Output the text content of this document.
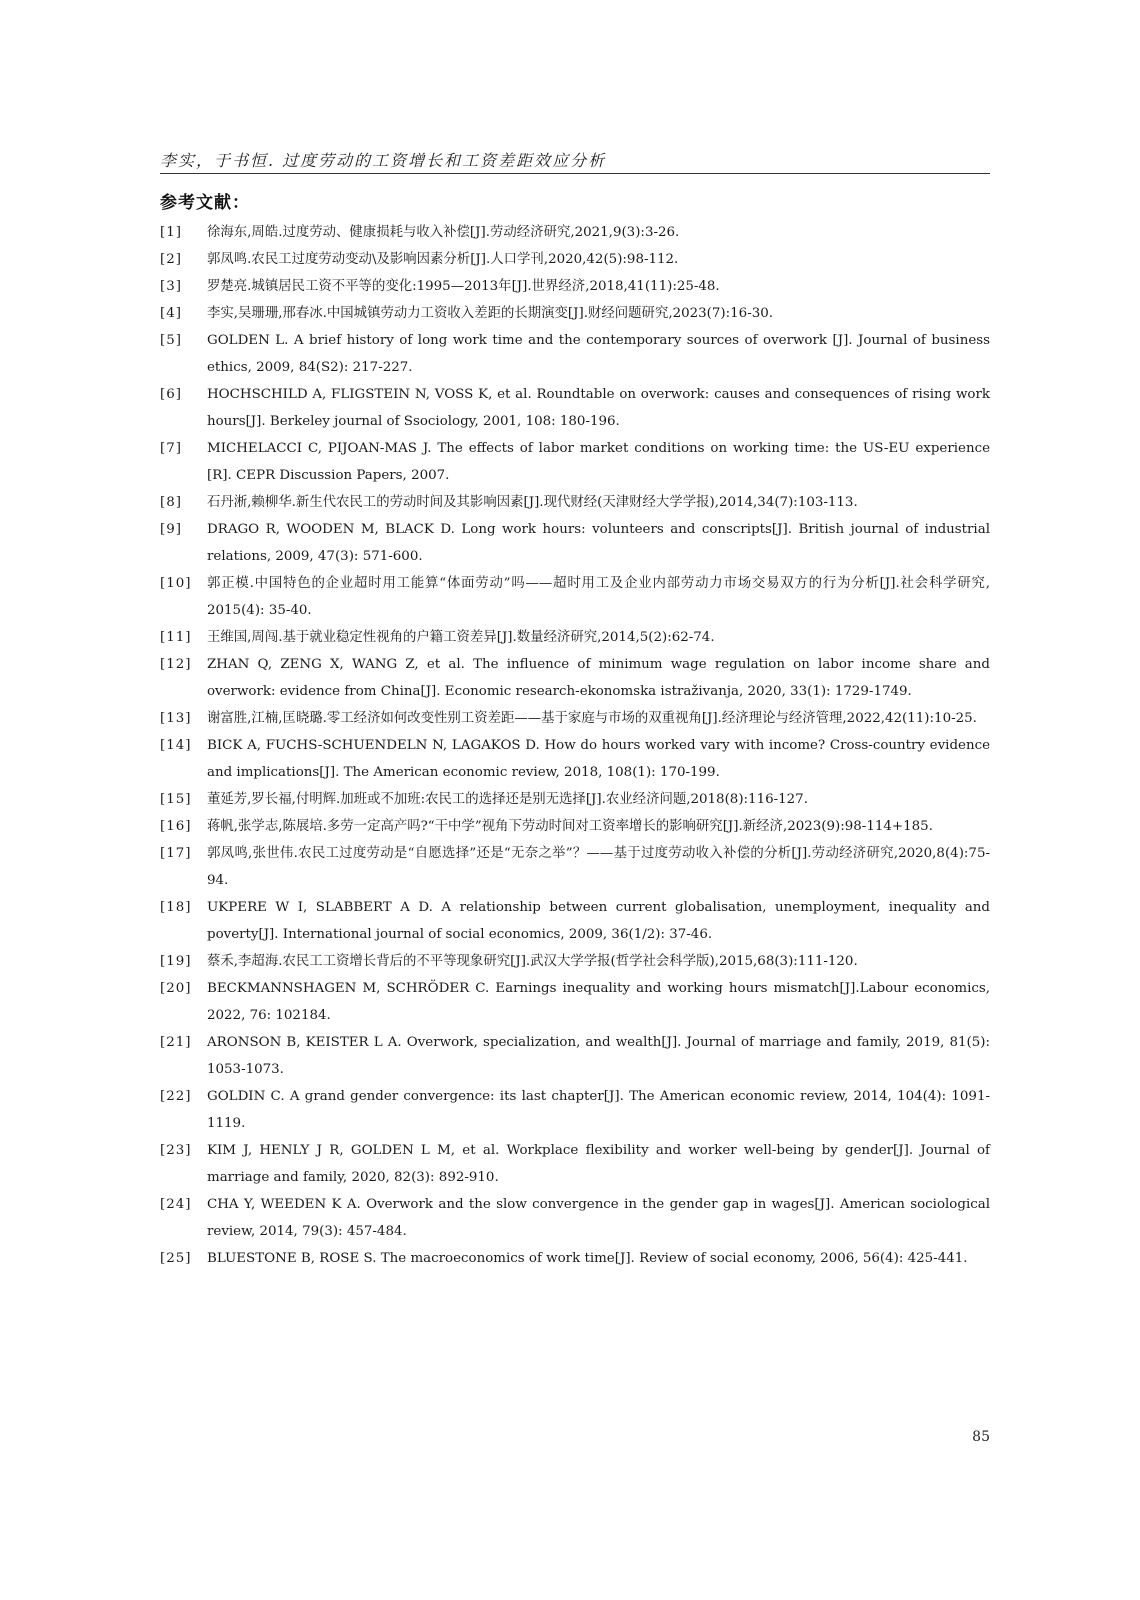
李实，于书恒. 过度劳动的工资增长和工资差距效应分析
参考文献：
[1]	徐海东,周皓.过度劳动、健康损耗与收入补偿[J].劳动经济研究,2021,9(3):3-26.
[2]	郭凤鸣.农民工过度劳动变动\及影响因素分析[J].人口学刊,2020,42(5):98-112.
[3]	罗楚亮.城镇居民工资不平等的变化:1995—2013年[J].世界经济,2018,41(11):25-48.
[4]	李实,吴珊珊,邢春冰.中国城镇劳动力工资收入差距的长期演变[J].财经问题研究,2023(7):16-30.
[5]	GOLDEN L. A brief history of long work time and the contemporary sources of overwork [J]. Journal of business ethics, 2009, 84(S2): 217-227.
[6]	HOCHSCHILD A, FLIGSTEIN N, VOSS K, et al. Roundtable on overwork: causes and consequences of rising work hours[J]. Berkeley journal of Ssociology, 2001, 108: 180-196.
[7]	MICHELACCI C, PIJOAN-MAS J. The effects of labor market conditions on working time: the US-EU experience [R]. CEPR Discussion Papers, 2007.
[8]	石丹淅,赖柳华.新生代农民工的劳动时间及其影响因素[J].现代财经(天津财经大学学报),2014,34(7):103-113.
[9]	DRAGO R, WOODEN M, BLACK D. Long work hours: volunteers and conscripts[J]. British journal of industrial relations, 2009, 47(3): 571-600.
[10]	郭正模.中国特色的企业超时用工能算“体面劳动”吗——超时用工及企业内部劳动力市场交易双方的行为分析[J].社会科学研究, 2015(4): 35-40.
[11]	王维国,周闯.基于就业稳定性视角的户籍工资差异[J].数量经济研究,2014,5(2):62-74.
[12]	ZHAN Q, ZENG X, WANG Z, et al. The influence of minimum wage regulation on labor income share and overwork: evidence from China[J]. Economic research-ekonomska istraživanja, 2020, 33(1): 1729-1749.
[13]	谢富胜,江楠,匡晓璐.零工经济如何改变性别工资差距——基于家庭与市场的双重视角[J].经济理论与经济管理,2022,42(11):10-25.
[14]	BICK A, FUCHS-SCHUENDELN N, LAGAKOS D. How do hours worked vary with income? Cross-country evidence and implications[J]. The American economic review, 2018, 108(1): 170-199.
[15]	董延芳,罗长福,付明辉.加班或不加班:农民工的选择还是别无选择[J].农业经济问题,2018(8):116-127.
[16]	蒋帆,张学志,陈展培.多劳一定高产吗?“干中学”视角下劳动时间对工资率增长的影响研究[J].新经济,2023(9):98-114+185.
[17]	郭凤鸣,张世伟.农民工过度劳动是“自愿选择”还是“无奈之举”？——基于过度劳动收入补偿的分析[J].劳动经济研究,2020,8(4):75-94.
[18]	UKPERE W I, SLABBERT A D. A relationship between current globalisation, unemployment, inequality and poverty[J]. International journal of social economics, 2009, 36(1/2): 37-46.
[19]	蔡禾,李超海.农民工工资增长背后的不平等现象研究[J].武汉大学学报(哲学社会科学版),2015,68(3):111-120.
[20]	BECKMANNSHAGEN M, SCHRÖDER C. Earnings inequality and working hours mismatch[J].Labour economics, 2022, 76: 102184.
[21]	ARONSON B, KEISTER L A. Overwork, specialization, and wealth[J]. Journal of marriage and family, 2019, 81(5): 1053-1073.
[22]	GOLDIN C. A grand gender convergence: its last chapter[J]. The American economic review, 2014, 104(4): 1091-1119.
[23]	KIM J, HENLY J R, GOLDEN L M, et al. Workplace flexibility and worker well-being by gender[J]. Journal of marriage and family, 2020, 82(3): 892-910.
[24]	CHA Y, WEEDEN K A. Overwork and the slow convergence in the gender gap in wages[J]. American sociological review, 2014, 79(3): 457-484.
[25]	BLUESTONE B, ROSE S. The macroeconomics of work time[J]. Review of social economy, 2006, 56(4): 425-441.
85
